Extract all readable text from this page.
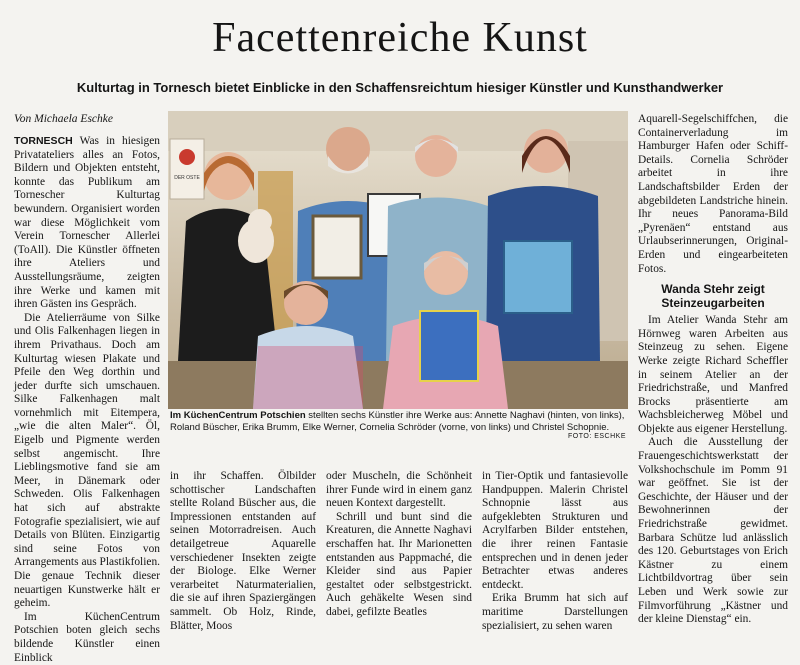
Facettenreiche Kunst
Kulturtag in Tornesch bietet Einblicke in den Schaffensreichtum hiesiger Künstler und Kunsthandwerker
Von Michaela Eschke

TORNESCH Was in hiesigen Privatateliers alles an Fotos, Bildern und Objekten entsteht, konnte das Publikum am Tornescher Kulturtag bewundern. Organisiert worden war diese Möglichkeit vom Verein Tornescher Allerlei (ToAll). Die Künstler öffneten ihre Ateliers und Ausstellungsräume, zeigten ihre Werke und kamen mit ihren Gästen ins Gespräch.

Die Atelierräume von Silke und Olis Falkenhagen liegen in ihrem Privathaus. Doch am Kulturtag wiesen Plakate und Pfeile den Weg dorthin und jeder durfte sich umschauen. Silke Falkenhagen malt vornehmlich mit Eitempera, „wie die alten Maler“. Öl, Eigelb und Pigmente werden selbst angemischt. Ihre Lieblingsmotive fand sie am Meer, in Dänemark oder Schweden. Olis Falkenhagen hat sich auf abstrakte Fotografie spezialisiert, wie auf Details von Blüten. Einzigartig sind seine Fotos von Arrangements aus Plastikfolien. Die genaue Technik dieser neuartigen Kunstwerke hält er geheim.

Im KüchenCentrum Potschien boten gleich sechs bildende Künstler einen Einblick

DER OSTE
Im KüchenCentrum Potschien stellten sechs Künstler ihre Werke aus: Annette Naghavi (hinten, von links), Roland Büscher, Erika Brumm, Elke Werner, Cornelia Schröder (vorne, von links) und Christel Schopnie.
FOTO: ESCHKE

in ihr Schaffen. Ölbilder schottischer Landschaften stellte Roland Büscher aus, die Impressionen entstanden auf seinen Motorradreisen. Auch detailgetreue Aquarelle verschiedener Insekten zeigte der Biologe. Elke Werner verarbeitet Naturmaterialien, die sie auf ihren Spaziergängen sammelt. Ob Holz, Rinde, Blätter, Moos

oder Muscheln, die Schönheit ihrer Funde wird in einem ganz neuen Kontext dargestellt.

Schrill und bunt sind die Kreaturen, die Annette Naghavi erschaffen hat. Ihr Marionetten entstanden aus Pappmaché, die Kleider sind aus Papier gestaltet oder selbstgestrickt. Auch gehäkelte Wesen sind dabei, gefilzte Beatles

in Tier-Optik und fantasievolle Handpuppen. Malerin Christel Schnopnie lässt aus aufgeklebten Strukturen und Acrylfarben Bilder entstehen, die ihrer reinen Fantasie entsprechen und in denen jeder Betrachter etwas anderes entdeckt.

Erika Brumm hat sich auf maritime Darstellungen spezialisiert, zu sehen waren

Aquarell-Segelschiffchen, die Containerverladung im Hamburger Hafen oder Schiff-Details. Cornelia Schröder arbeitet in ihre Landschaftsbilder Erden der abgebildeten Landstriche hinein. Ihr neues Panorama-Bild „Pyrenäen“ entstand aus Urlaubserinnerungen, Original-Erden und eingearbeiteten Fotos.

Wanda Stehr zeigt Steinzeugarbeiten

Im Atelier Wanda Stehr am Hörnweg waren Arbeiten aus Steinzeug zu sehen. Eigene Werke zeigte Richard Scheffler in seinem Atelier an der Friedrichstraße, und Manfred Brocks präsentierte am Wachsbleicherweg Möbel und Objekte aus eigener Herstellung.

Auch die Ausstellung der Frauengeschichtswerkstatt der Volkshochschule im Pomm 91 war geöffnet. Sie ist der Geschichte, der Häuser und der Bewohnerinnen der Friedrichstraße gewidmet. Barbara Schütze lud anlässlich des 120. Geburtstages von Erich Kästner zu einem Lichtbildvortrag über sein Leben und Werk sowie zur Filmvorführung „Kästner und der kleine Dienstag“ ein.
